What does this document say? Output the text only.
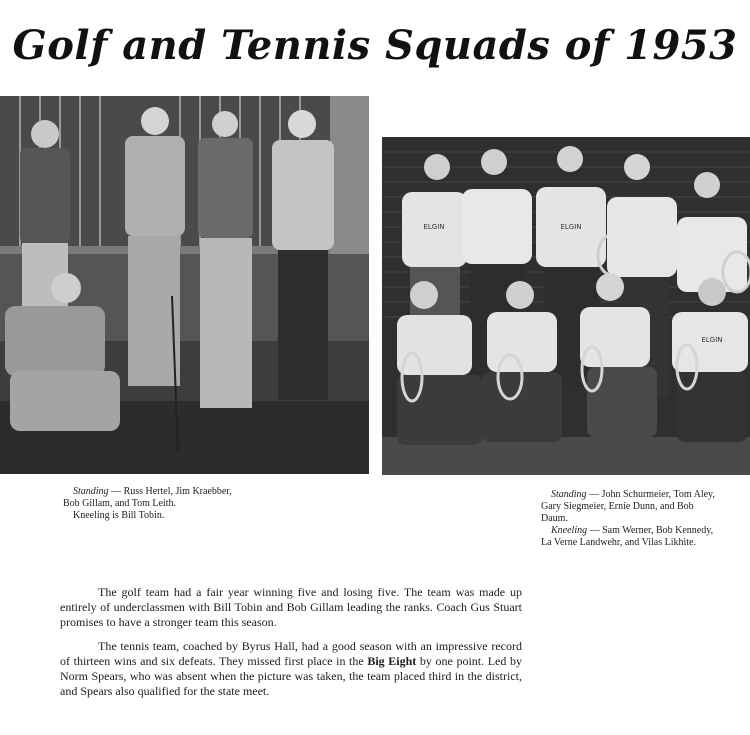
Golf and Tennis Squads of 1953
ELGIN	ELGIN
ELGIN

Standing — Russ Hertel, Jim Kraebber, Bob Gillam, and Tom Leith.

Kneeling is Bill Tobin.

Standing — John Schurmeier, Tom Aley, Gary Siegmeier, Ernie Dunn, and Bob Daum.

Kneeling — Sam Werner, Bob Kennedy, La Verne Landwehr, and Vilas Likhite.

The golf team had a fair year winning five and losing five. The team was made up entirely of underclassmen with Bill Tobin and Bob Gillam leading the ranks. Coach Gus Stuart promises to have a stronger team this season.

The tennis team, coached by Byrus Hall, had a good season with an impressive record of thirteen wins and six defeats. They missed first place in the Big Eight by one point. Led by Norm Spears, who was absent when the picture was taken, the team placed third in the district, and Spears also qualified for the state meet.
